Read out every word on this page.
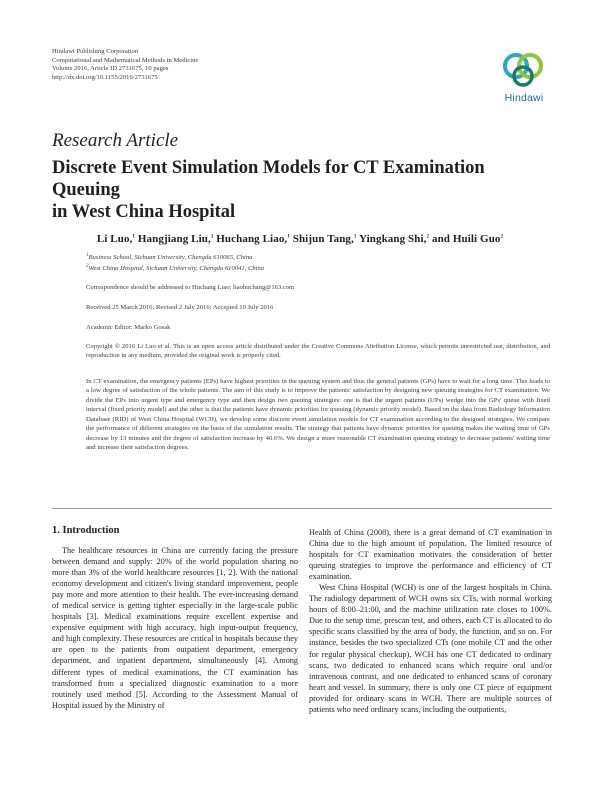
Hindawi Publishing Corporation
Computational and Mathematical Methods in Medicine
Volume 2016, Article ID 2731675, 10 pages
http://dx.doi.org/10.1155/2016/2731675
Hindawi
Research Article
Discrete Event Simulation Models for CT Examination Queuing
in West China Hospital
Li Luo,$^1$ Hangjiang Liu,$^1$ Huchang Liao,$^1$ Shijun Tang,$^1$ Yingkang Shi,$^2$ and Huili Guo$^2$
$^1$Business School, Sichuan University, Chengdu 610065, China
$^2$West China Hospital, Sichuan University, Chengdu 610041, China
Correspondence should be addressed to Huchang Liao; liaohuchang@163.com
Received 25 March 2016; Revised 2 July 2016; Accepted 10 July 2016
Academic Editor: Marko Gosak
Copyright © 2016 Li Luo et al. This is an open access article distributed under the Creative Commons Attribution License, which permits unrestricted use, distribution, and reproduction in any medium, provided the original work is properly cited.
In CT examination, the emergency patients (EPs) have highest priorities in the queuing system and thus the general patients (GPs) have to wait for a long time. This leads to a low degree of satisfaction of the whole patients. The aim of this study is to improve the patients' satisfaction by designing new queuing strategies for CT examination. We divide the EPs into urgent type and emergency type and then design two queuing strategies: one is that the urgent patients (UPs) wedge into the GPs' queue with fixed interval (fixed priority model) and the other is that the patients have dynamic priorities for queuing (dynamic priority model). Based on the data from Radiology Information Database (RID) of West China Hospital (WCH), we develop some discrete event simulation models for CT examination according to the designed strategies. We compare the performance of different strategies on the basis of the simulation results. The strategy that patients have dynamic priorities for queuing makes the waiting time of GPs decrease by 13 minutes and the degree of satisfaction increase by 40.6%. We design a more reasonable CT examination queuing strategy to decrease patients' waiting time and increase their satisfaction degrees.
1. Introduction

The healthcare resources in China are currently facing the pressure between demand and supply: 20% of the world population sharing no more than 3% of the world healthcare resources [1, 2]. With the national economy development and citizen's living standard improvement, people pay more and more attention to their health. The ever-increasing demand of medical service is getting tighter especially in the large-scale public hospitals [3]. Medical examinations require excellent expertise and expensive equipment with high accuracy, high input-output frequency, and high complexity. These resources are critical in hospitals because they are open to the patients from outpatient department, emergency department, and inpatient department, simultaneously [4]. Among different types of medical examinations, the CT examination has transformed from a specialized diagnostic examination to a more routinely used method [5]. According to the Assessment Manual of Hospital issued by the Ministry of

Health of China (2008), there is a great demand of CT examination in China due to the high amount of population. The limited resource of hospitals for CT examination motivates the consideration of better queuing strategies to improve the performance and efficiency of CT examination.

West China Hospital (WCH) is one of the largest hospitals in China. The radiology department of WCH owns six CTs, with normal working hours of 8:00–21:00, and the machine utilization rate closes to 100%. Due to the setup time, prescan test, and others, each CT is allocated to do specific scans classified by the area of body, the function, and so on. For instance, besides the two specialized CTs (one mobile CT and the other for regular physical checkup), WCH has one CT dedicated to ordinary scans, two dedicated to enhanced scans which require oral and/or intravenous contrast, and one dedicated to enhanced scans of coronary heart and vessel. In summary, there is only one CT piece of equipment provided for ordinary scans in WCH. There are multiple sources of patients who need ordinary scans, including the outpatients,
